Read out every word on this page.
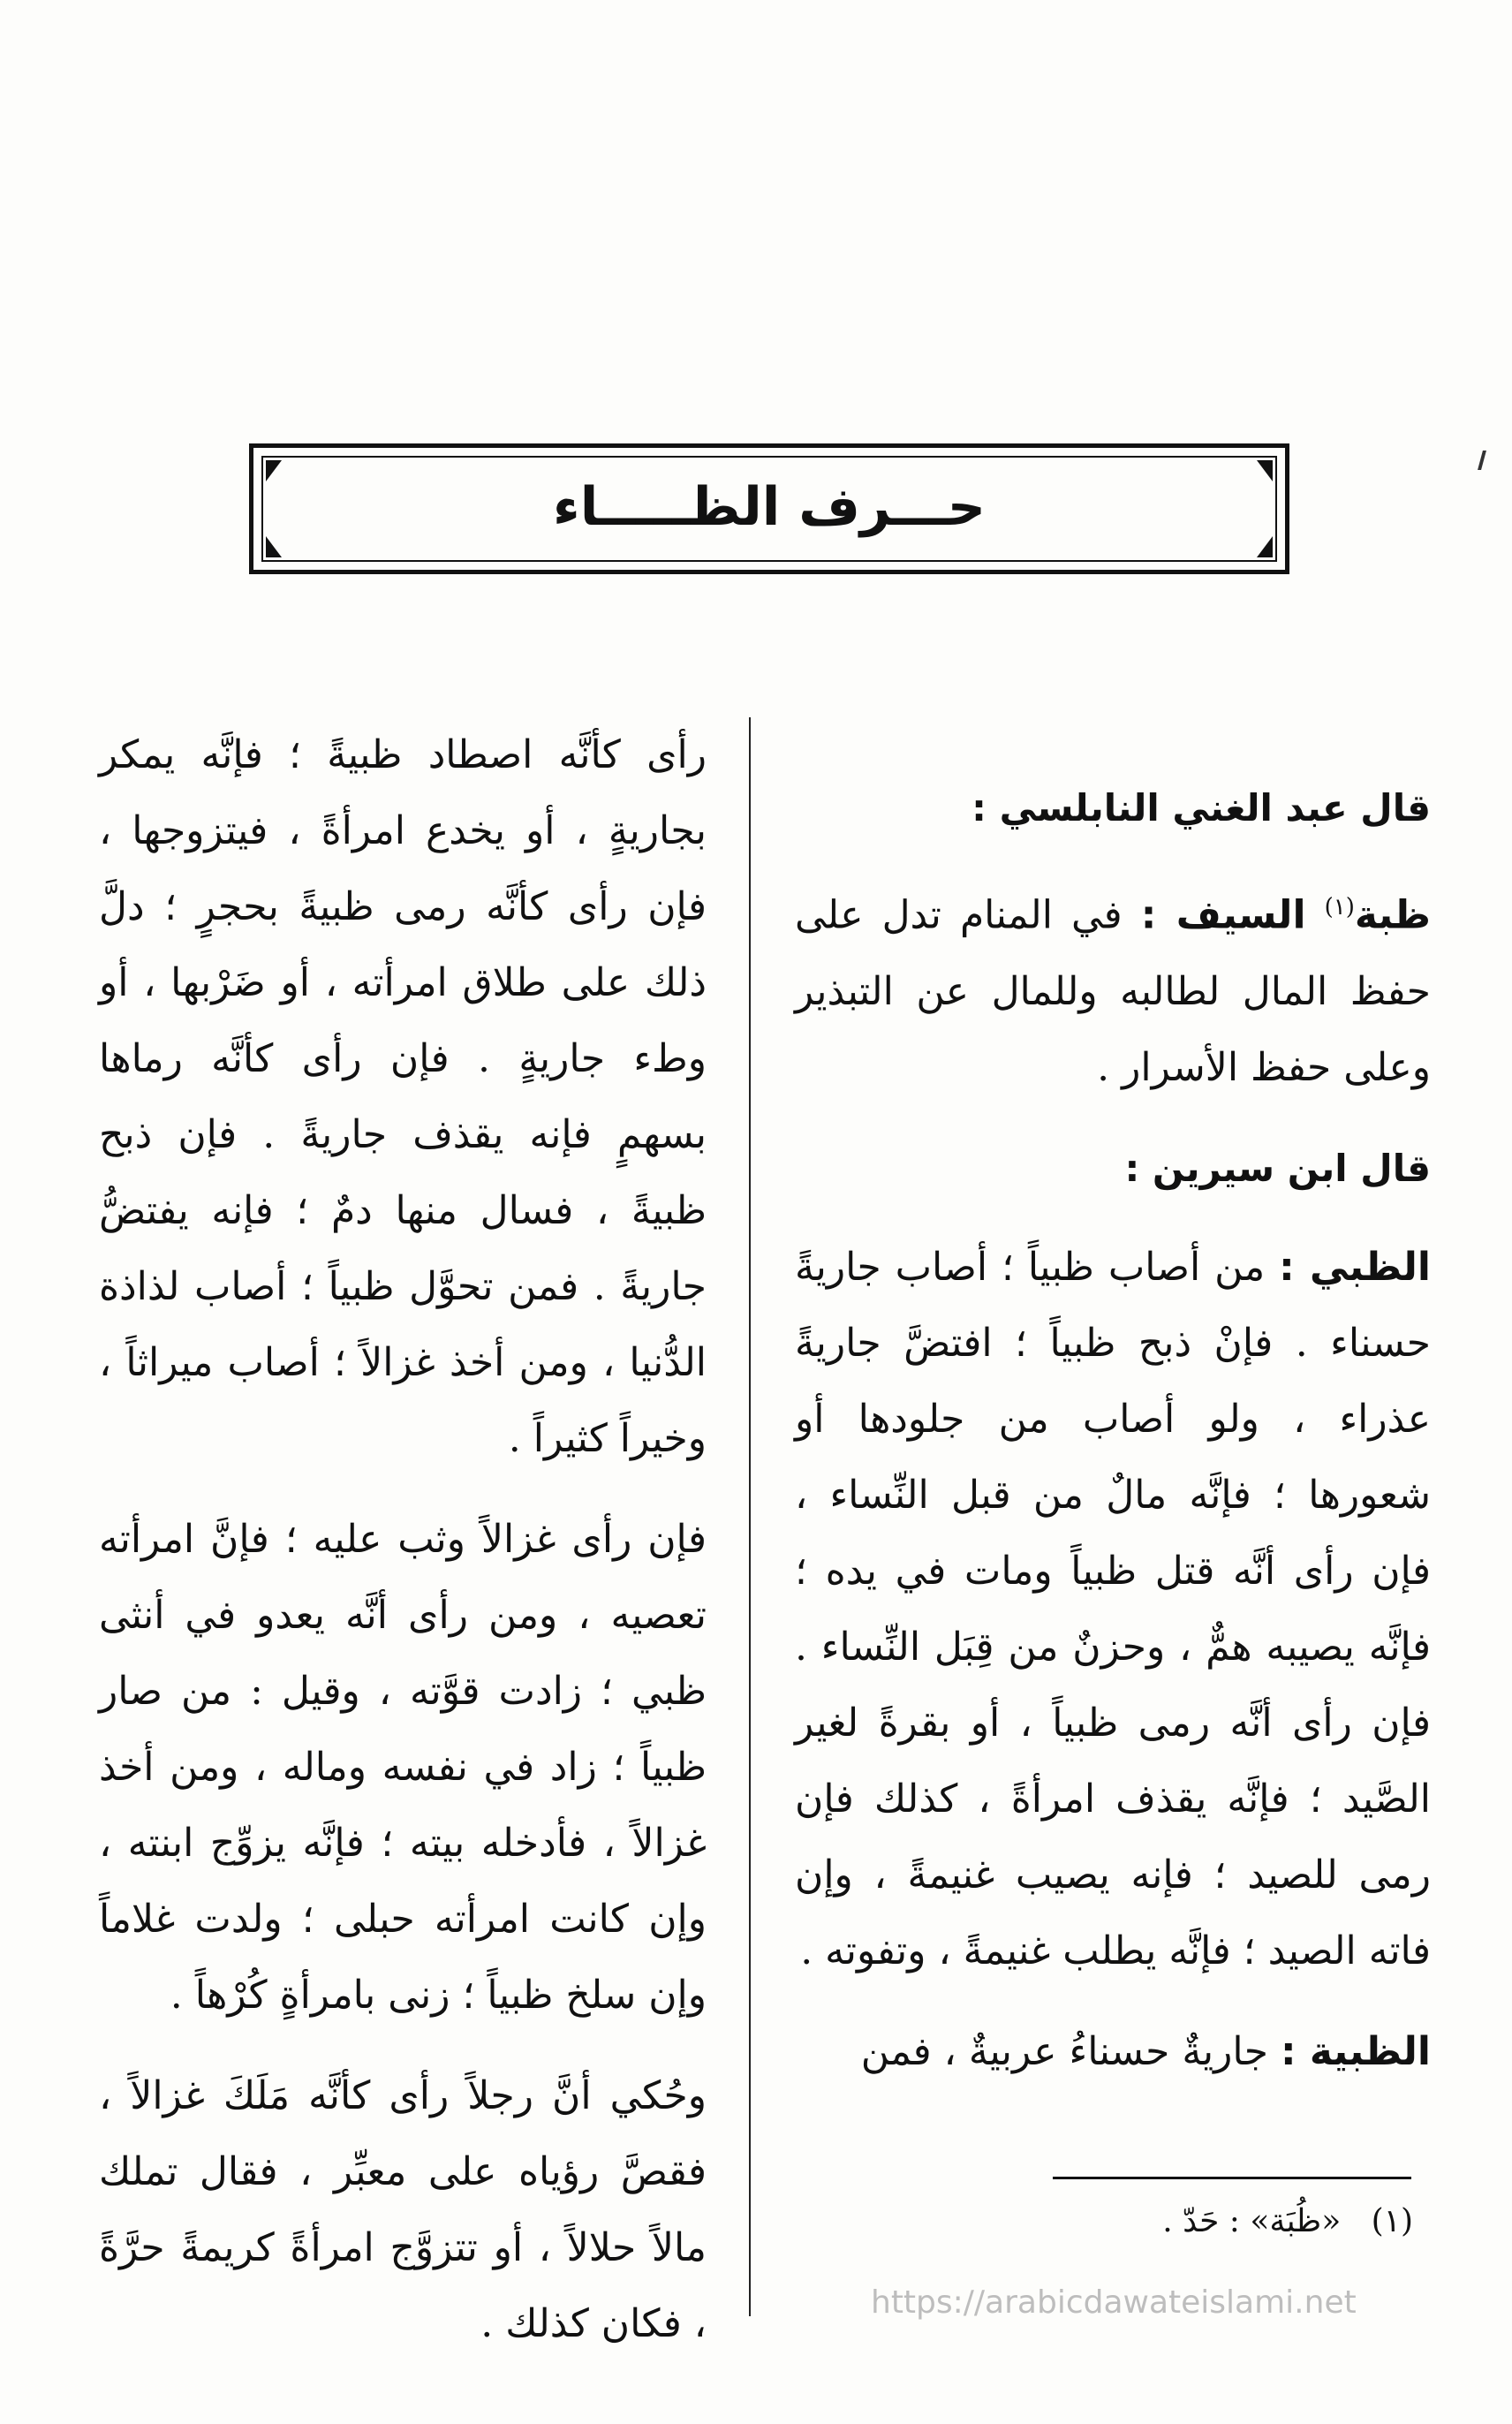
حـــرف الظـــــاء

قال عبد الغني النابلسي :

ظبة$^{(١)}$ السيف : في المنام تدل على حفظ المال لطالبه وللمال عن التبذير وعلى حفظ الأسرار .

قال ابن سيرين :

الظبي : من أصاب ظبياً ؛ أصاب جاريةً حسناء . فإنْ ذبح ظبياً ؛ افتضَّ جاريةً عذراء ، ولو أصاب من جلودها أو شعورها ؛ فإنَّه مالٌ من قبل النِّساء ، فإن رأى أنَّه قتل ظبياً ومات في يده ؛ فإنَّه يصيبه همٌّ ، وحزنٌ من قِبَل النِّساء . فإن رأى أنَّه رمى ظبياً ، أو بقرةً لغير الصَّيد ؛ فإنَّه يقذف امرأةً ، كذلك فإن رمى للصيد ؛ فإنه يصيب غنيمةً ، وإن فاته الصيد ؛ فإنَّه يطلب غنيمةً ، وتفوته .

الظبية : جاريةٌ حسناءُ عربيةٌ ، فمن

رأى كأنَّه اصطاد ظبيةً ؛ فإنَّه يمكر بجاريةٍ ، أو يخدع امرأةً ، فيتزوجها ، فإن رأى كأنَّه رمى ظبيةً بحجرٍ ؛ دلَّ ذلك على طلاق امرأته ، أو ضَرْبها ، أو وطء جاريةٍ . فإن رأى كأنَّه رماها بسهمٍ فإنه يقذف جاريةً . فإن ذبح ظبيةً ، فسال منها دمٌ ؛ فإنه يفتضُّ جاريةً . فمن تحوَّل ظبياً ؛ أصاب لذاذة الدُّنيا ، ومن أخذ غزالاً ؛ أصاب ميراثاً ، وخيراً كثيراً .

فإن رأى غزالاً وثب عليه ؛ فإنَّ امرأته تعصيه ، ومن رأى أنَّه يعدو في أنثى ظبي ؛ زادت قوَّته ، وقيل : من صار ظبياً ؛ زاد في نفسه وماله ، ومن أخذ غزالاً ، فأدخله بيته ؛ فإنَّه يزوِّج ابنته ، وإن كانت امرأته حبلى ؛ ولدت غلاماً وإن سلخ ظبياً ؛ زنى بامرأةٍ كُرْهاً .

وحُكي أنَّ رجلاً رأى كأنَّه مَلَكَ غزالاً ، فقصَّ رؤياه على معبِّر ، فقال تملك مالاً حلالاً ، أو تتزوَّج امرأةً كريمةً حرَّةً ، فكان كذلك .

(١)   «ظُبَة» : حَدّ .
https://arabicdawateislami.net
